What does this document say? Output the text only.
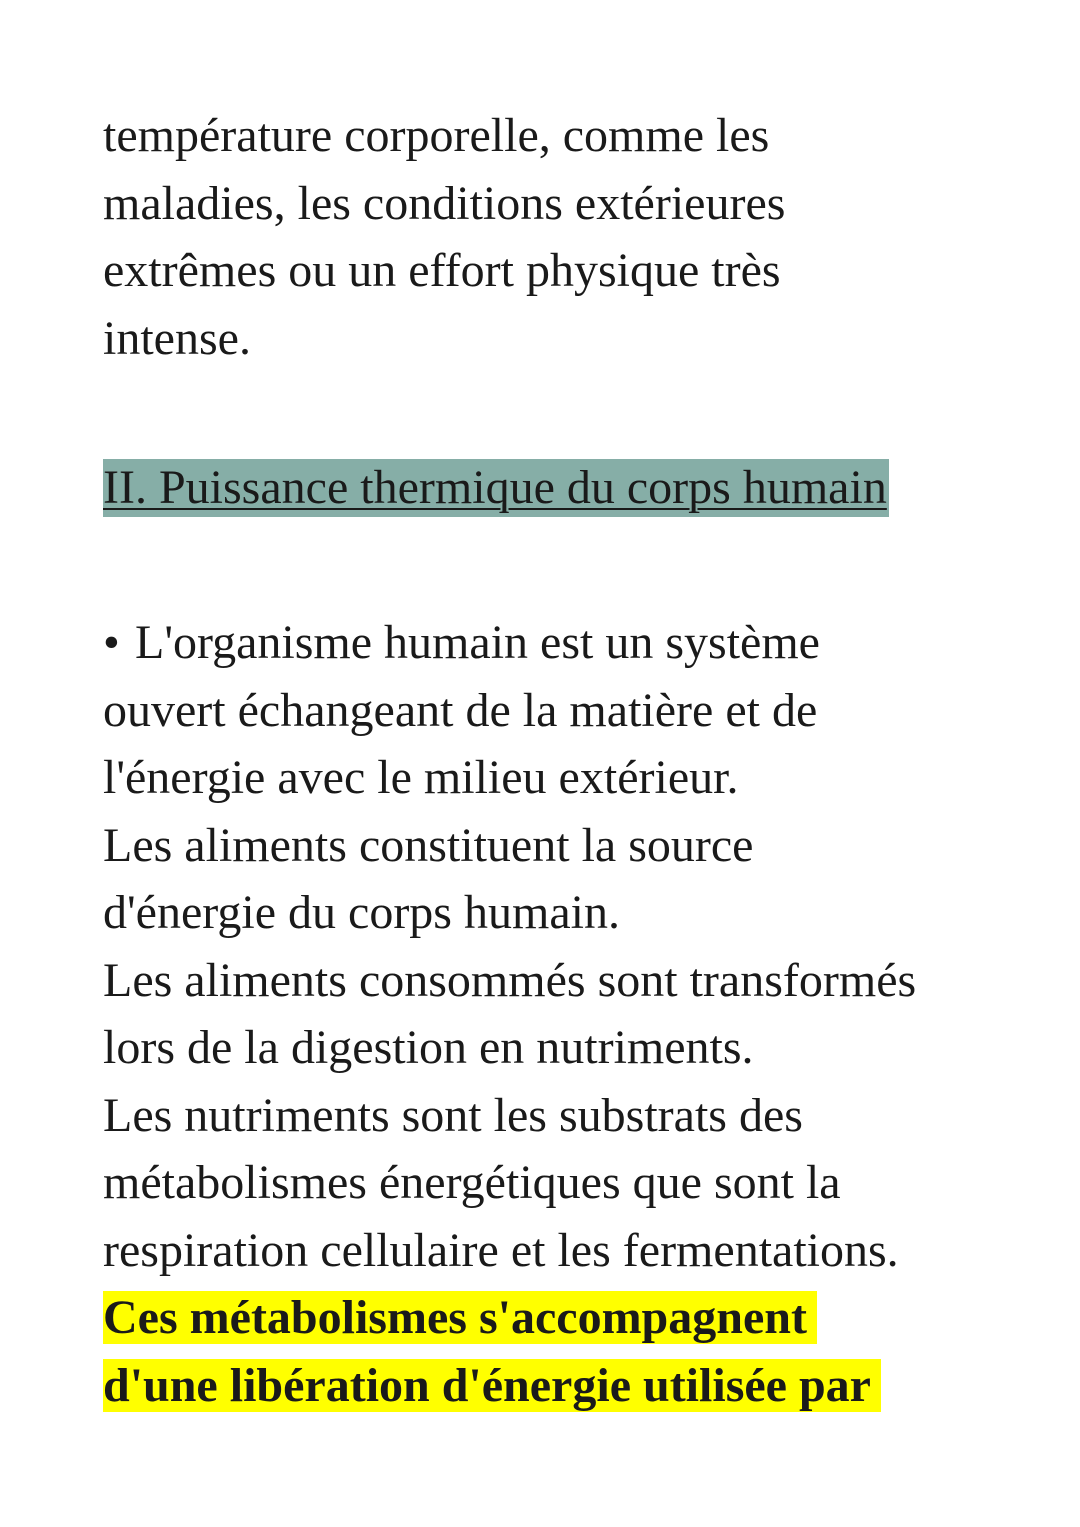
température corporelle, comme les
maladies, les conditions extérieures
extrêmes ou un effort physique très
intense.
II. Puissance thermique du corps humain
• L'organisme humain est un système
ouvert échangeant de la matière et de
l'énergie avec le milieu extérieur.
Les aliments constituent la source
d'énergie du corps humain.
Les aliments consommés sont transformés
lors de la digestion en nutriments.
Les nutriments sont les substrats des
métabolismes énergétiques que sont la
respiration cellulaire et les fermentations.
Ces métabolismes s'accompagnent
d'une libération d'énergie utilisée par
